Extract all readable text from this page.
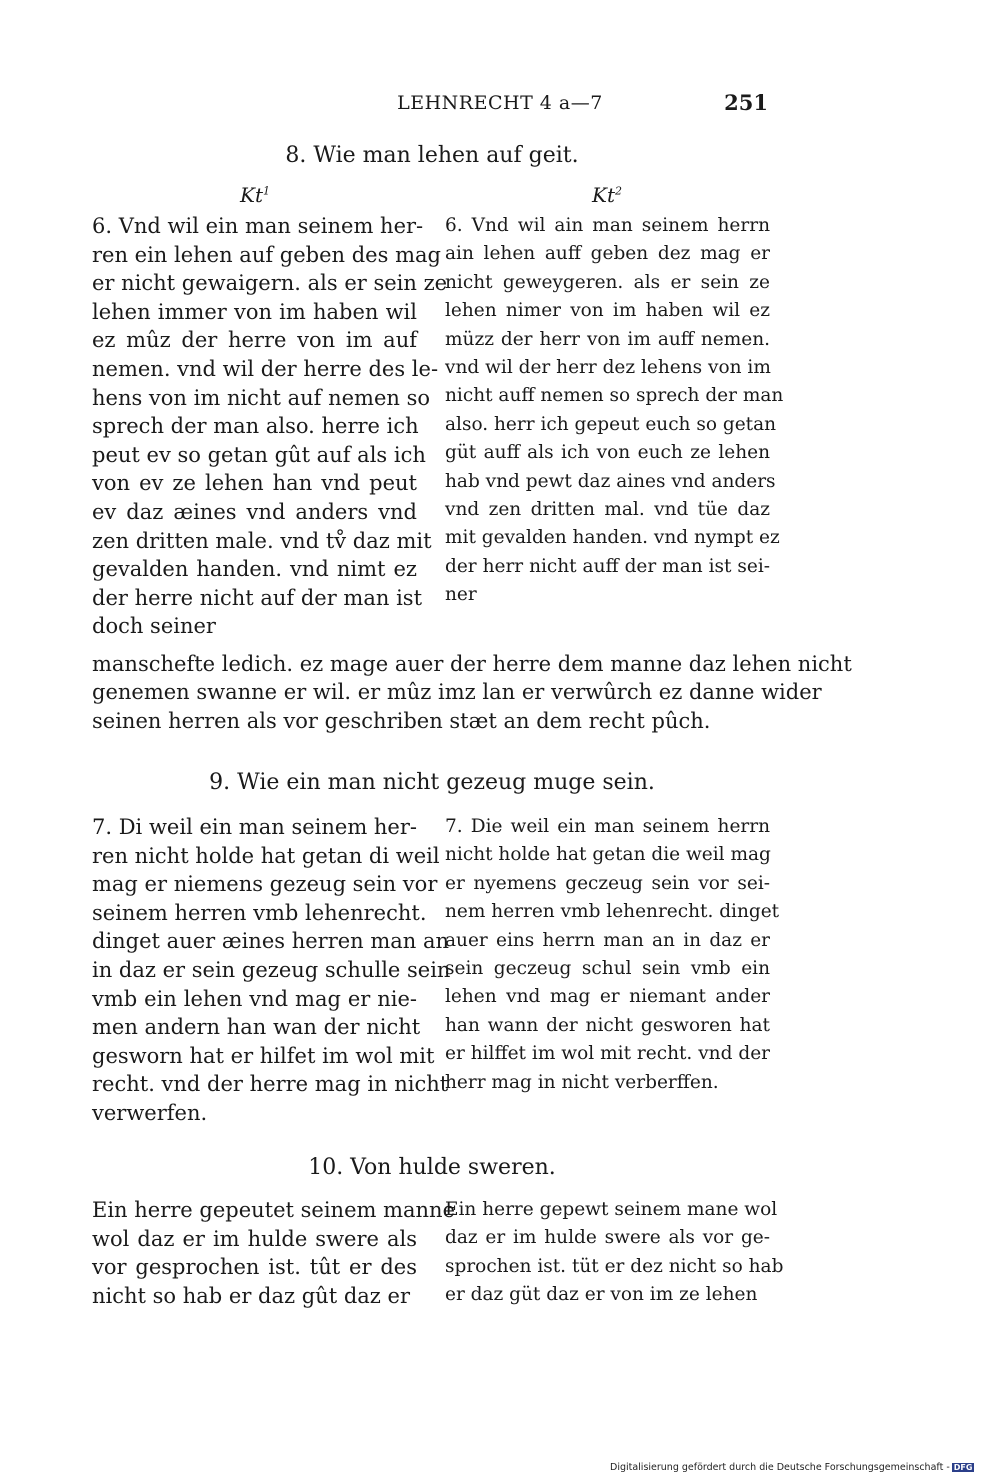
LEHNRECHT 4 a—7	251
8. Wie man lehen auf geit.
Kt$^1$	Kt$^2$
6. Vnd wil ein man seinem her-
ren ein lehen auf geben des mag
er nicht gewaigern. als er sein ze
lehen immer von im haben wil
ez mûz der herre von im auf
nemen. vnd wil der herre des le-
hens von im nicht auf nemen so
sprech der man also. herre ich
peut ev so getan gût auf als ich
von ev ze lehen han vnd peut
ev daz æines vnd anders vnd
zen dritten male. vnd tv̊ daz mit
gevalden handen. vnd nimt ez
der herre nicht auf der man ist
doch seiner
6. Vnd wil ain man seinem herrn
ain lehen auff geben dez mag er
nicht geweygeren. als er sein ze
lehen nimer von im haben wil ez
müzz der herr von im auff nemen.
vnd wil der herr dez lehens von im
nicht auff nemen so sprech der man
also. herr ich gepeut euch so getan
güt auff als ich von euch ze lehen
hab vnd pewt daz aines vnd anders
vnd zen dritten mal. vnd tüe daz
mit gevalden handen. vnd nympt ez
der herr nicht auff der man ist sei-
ner
manschefte ledich. ez mage auer der herre dem manne daz lehen nicht
genemen swanne er wil. er mûz imz lan er verwûrch ez danne wider
seinen herren als vor geschriben stæt an dem recht pûch.
9. Wie ein man nicht gezeug muge sein.
7. Di weil ein man seinem her-
ren nicht holde hat getan di weil
mag er niemens gezeug sein vor
seinem herren vmb lehenrecht.
dinget auer æines herren man an
in daz er sein gezeug schulle sein
vmb ein lehen vnd mag er nie-
men andern han wan der nicht
gesworn hat er hilfet im wol mit
recht. vnd der herre mag in nicht
verwerfen.
7. Die weil ein man seinem herrn
nicht holde hat getan die weil mag
er nyemens geczeug sein vor sei-
nem herren vmb lehenrecht. dinget
auer eins herrn man an in daz er
sein geczeug schul sein vmb ein
lehen vnd mag er niemant ander
han wann der nicht gesworen hat
er hilffet im wol mit recht. vnd der
herr mag in nicht verberffen.
10. Von hulde sweren.
Ein herre gepeutet seinem manne
wol daz er im hulde swere als
vor gesprochen ist. tût er des
nicht so hab er daz gût daz er
Ein herre gepewt seinem mane wol
daz er im hulde swere als vor ge-
sprochen ist. tüt er dez nicht so hab
er daz güt daz er von im ze lehen
Digitalisierung gefördert durch die Deutsche Forschungsgemeinschaft - DFG
